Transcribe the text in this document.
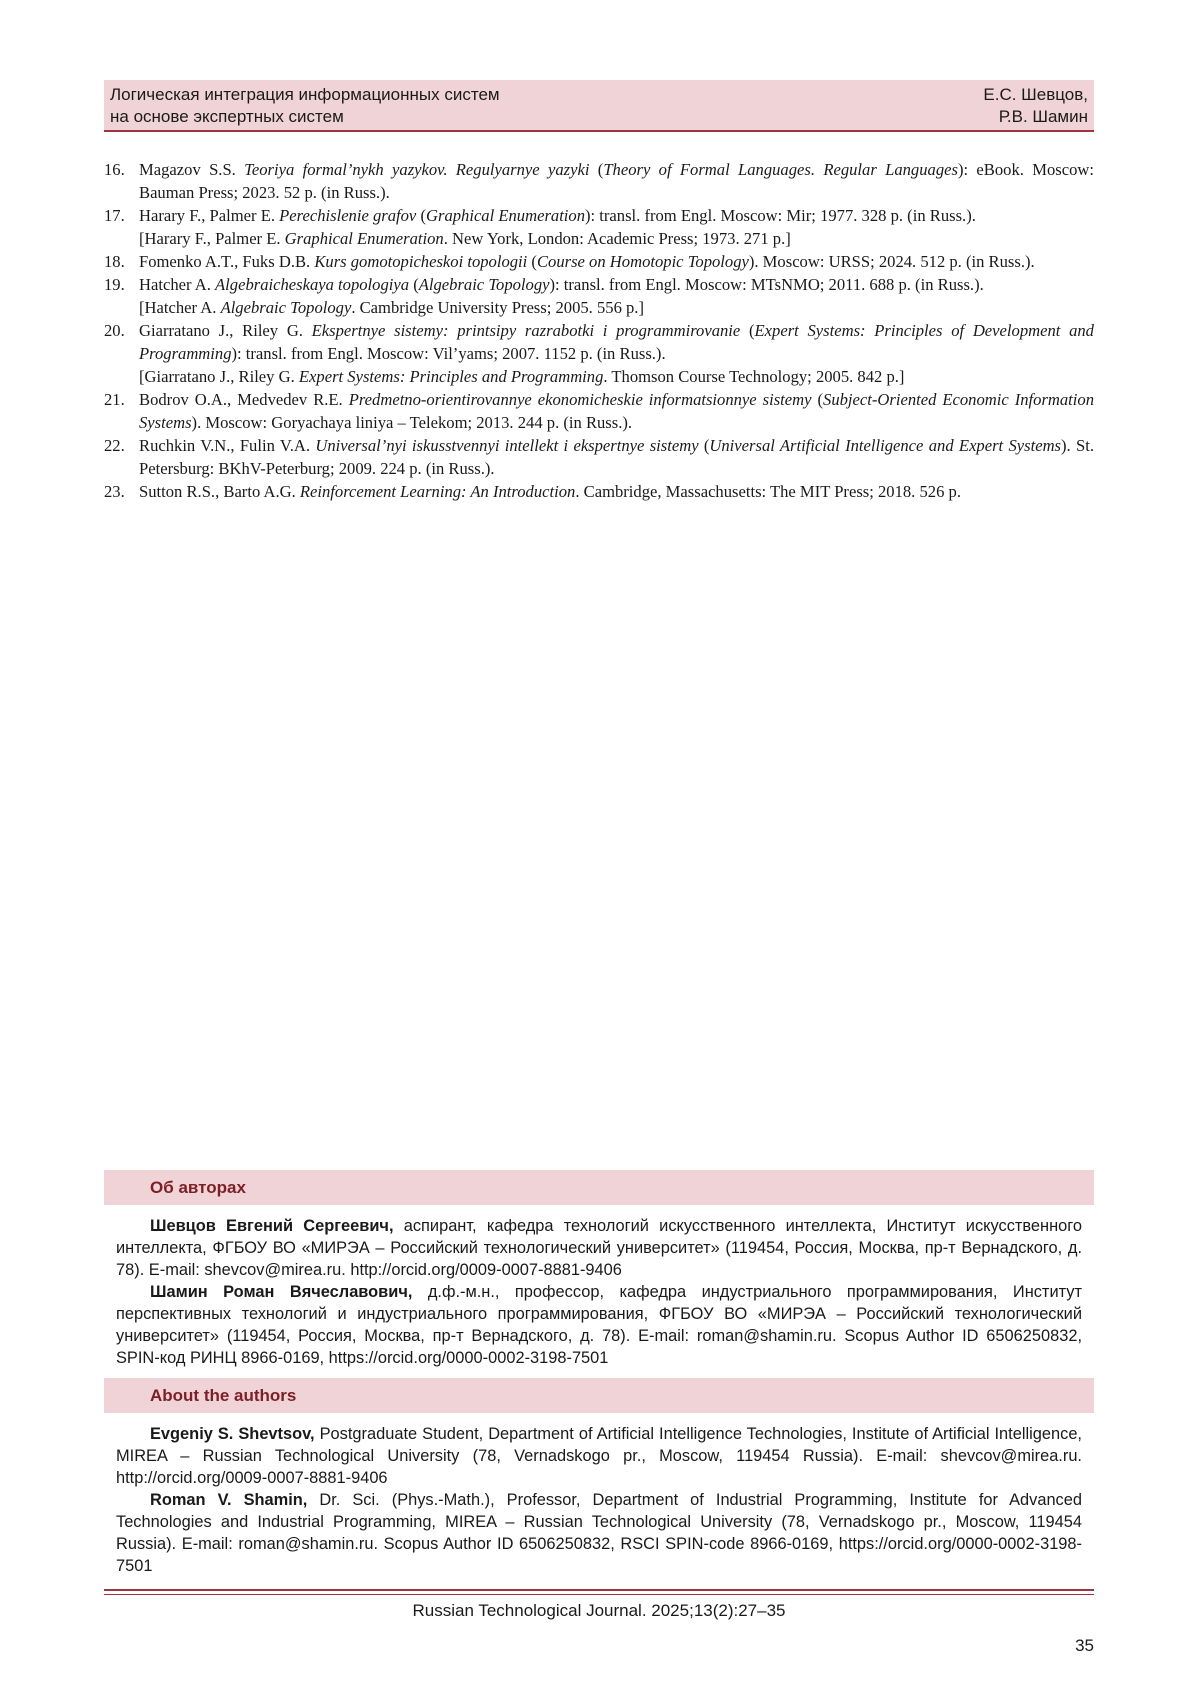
Логическая интеграция информационных систем
на основе экспертных систем
Е.С. Шевцов,
Р.В. Шамин
16. Magazov S.S. Teoriya formal’nykh yazykov. Regulyarnye yazyki (Theory of Formal Languages. Regular Languages): eBook. Moscow: Bauman Press; 2023. 52 p. (in Russ.).
17. Harary F., Palmer E. Perechislenie grafov (Graphical Enumeration): transl. from Engl. Moscow: Mir; 1977. 328 p. (in Russ.).
[Harary F., Palmer E. Graphical Enumeration. New York, London: Academic Press; 1973. 271 p.]
18. Fomenko A.T., Fuks D.B. Kurs gomotopicheskoi topologii (Course on Homotopic Topology). Moscow: URSS; 2024. 512 p. (in Russ.).
19. Hatcher A. Algebraicheskaya topologiya (Algebraic Topology): transl. from Engl. Moscow: MTsNMO; 2011. 688 p. (in Russ.).
[Hatcher A. Algebraic Topology. Cambridge University Press; 2005. 556 p.]
20. Giarratano J., Riley G. Ekspertnye sistemy: printsipy razrabotki i programmirovanie (Expert Systems: Principles of Development and Programming): transl. from Engl. Moscow: Vil’yams; 2007. 1152 p. (in Russ.).
[Giarratano J., Riley G. Expert Systems: Principles and Programming. Thomson Course Technology; 2005. 842 p.]
21. Bodrov O.A., Medvedev R.E. Predmetno-orientirovannye ekonomicheskie informatsionnye sistemy (Subject-Oriented Economic Information Systems). Moscow: Goryachaya liniya – Telekom; 2013. 244 p. (in Russ.).
22. Ruchkin V.N., Fulin V.A. Universal’nyi iskusstvennyi intellekt i ekspertnye sistemy (Universal Artificial Intelligence and Expert Systems). St. Petersburg: BKhV-Peterburg; 2009. 224 p. (in Russ.).
23. Sutton R.S., Barto A.G. Reinforcement Learning: An Introduction. Cambridge, Massachusetts: The MIT Press; 2018. 526 p.
Об авторах

Шевцов Евгений Сергеевич, аспирант, кафедра технологий искусственного интеллекта, Институт искусственного интеллекта, ФГБОУ ВО «МИРЭА – Российский технологический университет» (119454, Россия, Москва, пр-т Вернадского, д. 78). E-mail: shevcov@mirea.ru. http://orcid.org/0009-0007-8881-9406

Шамин Роман Вячеславович, д.ф.-м.н., профессор, кафедра индустриального программирования, Институт перспективных технологий и индустриального программирования, ФГБОУ ВО «МИРЭА – Российский технологический университет» (119454, Россия, Москва, пр-т Вернадского, д. 78). E-mail: roman@shamin.ru. Scopus Author ID 6506250832, SPIN-код РИНЦ 8966-0169, https://orcid.org/0000-0002-3198-7501

About the authors

Evgeniy S. Shevtsov, Postgraduate Student, Department of Artificial Intelligence Technologies, Institute of Artificial Intelligence, MIREA – Russian Technological University (78, Vernadskogo pr., Moscow, 119454 Russia). E-mail: shevcov@mirea.ru. http://orcid.org/0009-0007-8881-9406

Roman V. Shamin, Dr. Sci. (Phys.-Math.), Professor, Department of Industrial Programming, Institute for Advanced Technologies and Industrial Programming, MIREA – Russian Technological University (78, Vernadskogo pr., Moscow, 119454 Russia). E-mail: roman@shamin.ru. Scopus Author ID 6506250832, RSCI SPIN-code 8966-0169, https://orcid.org/0000-0002-3198-7501

Russian Technological Journal. 2025;13(2):27–35
35
